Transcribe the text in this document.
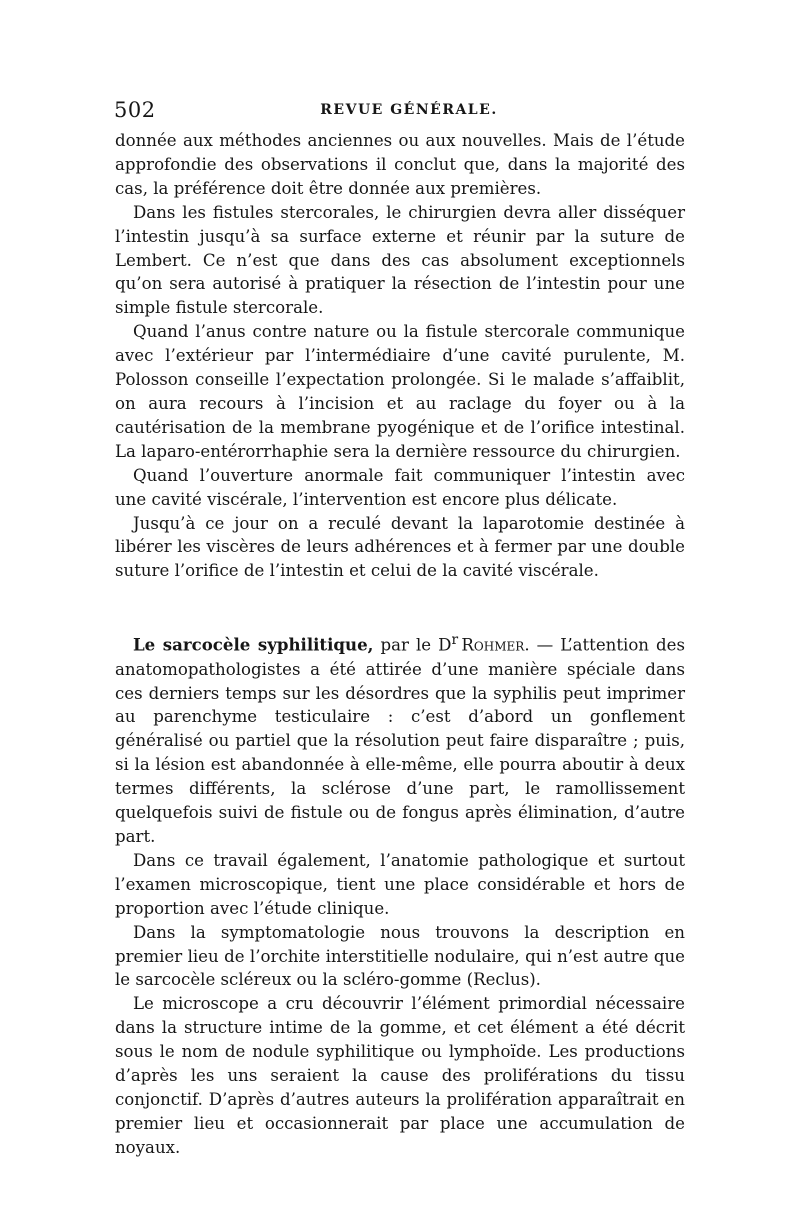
502	REVUE GÉNÉRALE.

donnée aux méthodes anciennes ou aux nouvelles. Mais de l’étude approfondie des observations il conclut que, dans la majorité des cas, la préférence doit être donnée aux premières.

Dans les fistules stercorales, le chirurgien devra aller disséquer l’intestin jusqu’à sa surface externe et réunir par la suture de Lembert. Ce n’est que dans des cas absolument exceptionnels qu’on sera autorisé à pratiquer la résection de l’intestin pour une simple fistule stercorale.

Quand l’anus contre nature ou la fistule stercorale communique avec l’extérieur par l’intermédiaire d’une cavité purulente, M. Polosson conseille l’expectation prolongée. Si le malade s’affaiblit, on aura recours à l’incision et au raclage du foyer ou à la cautérisation de la membrane pyogénique et de l’orifice intestinal. La laparo-entérorrhaphie sera la dernière ressource du chirurgien.

Quand l’ouverture anormale fait communiquer l’intestin avec une cavité viscérale, l’intervention est encore plus délicate.

Jusqu’à ce jour on a reculé devant la laparotomie destinée à libérer les viscères de leurs adhérences et à fermer par une double suture l’orifice de l’intestin et celui de la cavité viscérale.

Le sarcocèle syphilitique, par le $D^r$  Rohmer. — L’attention des anatomopathologistes a été attirée d’une manière spéciale dans ces derniers temps sur les désordres que la syphilis peut imprimer au parenchyme testiculaire : c’est d’abord un gonflement généralisé ou partiel que la résolution peut faire disparaître ; puis, si la lésion est abandonnée à elle-même, elle pourra aboutir à deux termes différents, la sclérose d’une part, le ramollissement quelquefois suivi de fistule ou de fongus après élimination, d’autre part.

Dans ce travail également, l’anatomie pathologique et surtout l’examen microscopique, tient une place considérable et hors de proportion avec l’étude clinique.

Dans la symptomatologie nous trouvons la description en premier lieu de l’orchite interstitielle nodulaire, qui n’est autre que le sarcocèle scléreux ou la scléro-gomme (Reclus).

Le microscope a cru découvrir l’élément primordial nécessaire dans la structure intime de la gomme, et cet élément a été décrit sous le nom de nodule syphilitique ou lymphoïde. Les productions d’après les uns seraient la cause des proliférations du tissu conjonctif. D’après d’autres auteurs la prolifération apparaîtrait en premier lieu et occasionnerait par place une accumulation de noyaux.
